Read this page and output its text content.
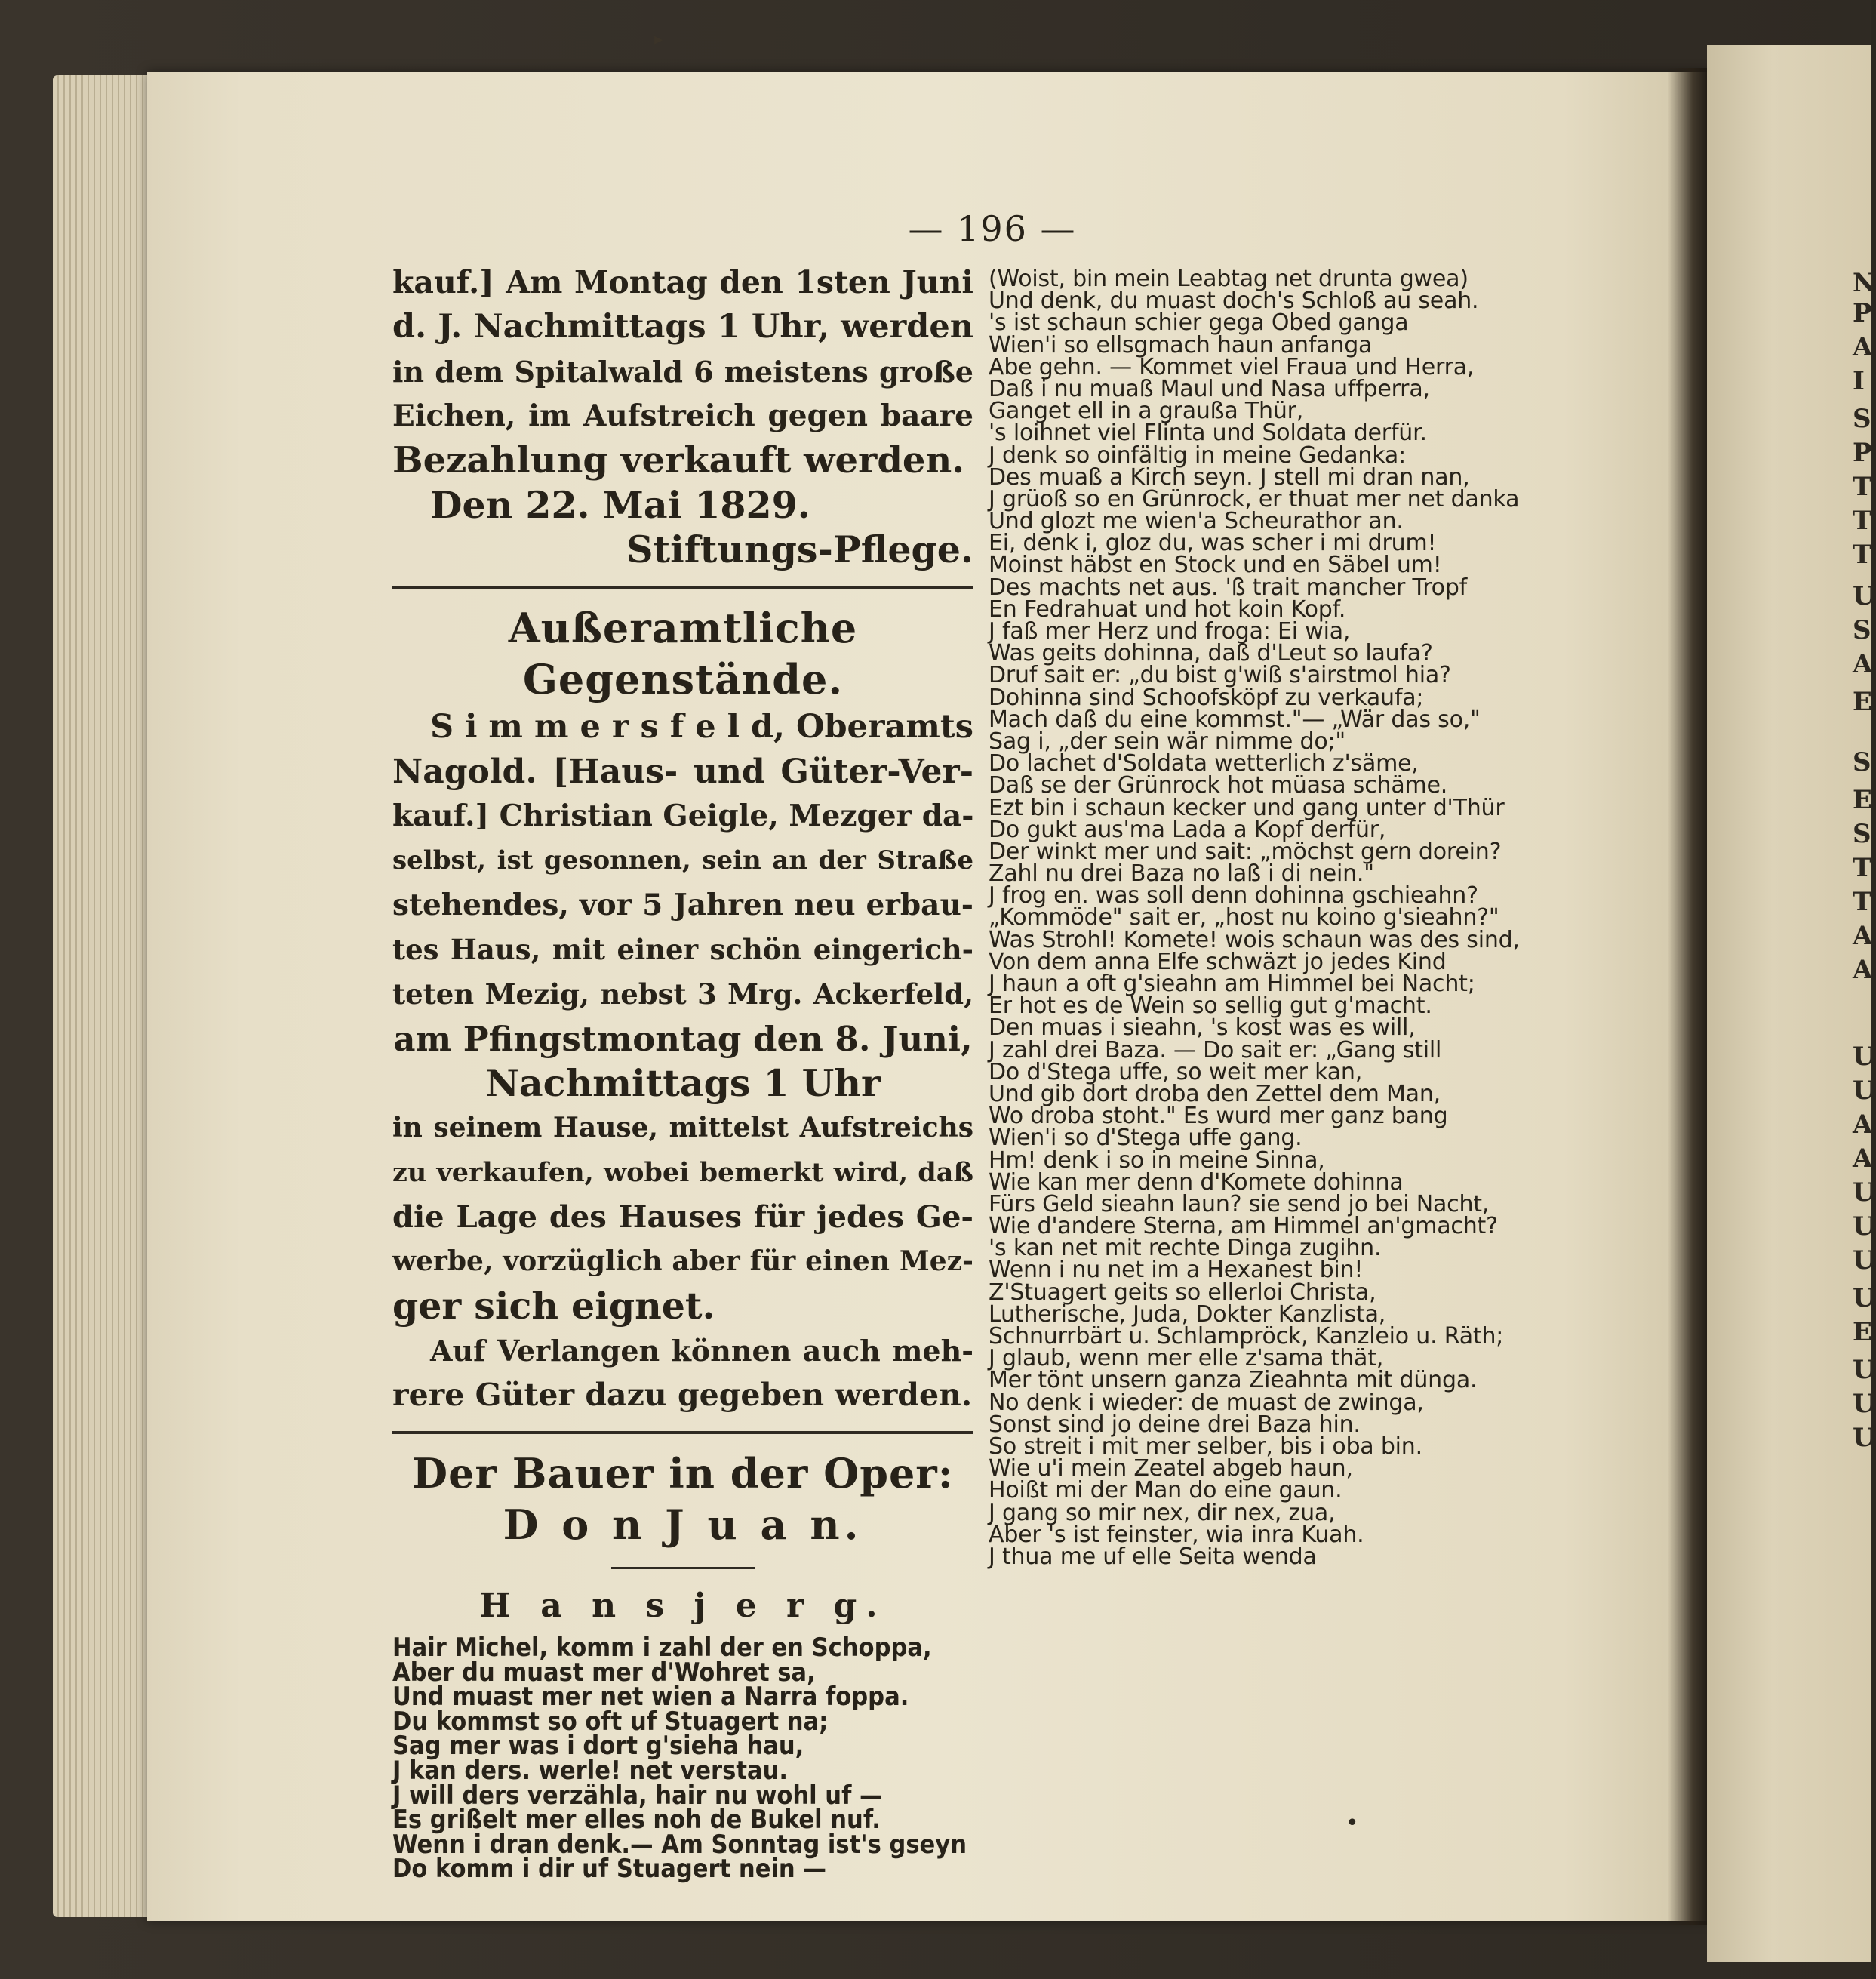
N
P
A
I
S
P
T
T
T
U
S
A
E
S
E
S
T
T
A
A
U
U
A
A
U
U
U
U
E
U
U
U
▸
— 196 —
kauf.] Am Montag den 1sten Juni
d. J. Nachmittags 1 Uhr, werden
in dem Spitalwald 6 meistens große
Eichen, im Aufstreich gegen baare
Bezahlung verkauft werden.
Den 22. Mai 1829.
Stiftungs-Pflege.
Außeramtliche Gegenstände.
S i m m e r s f e l d, Oberamts
Nagold. [Haus- und Güter-Ver-
kauf.] Christian Geigle, Mezger da-
selbst, ist gesonnen, sein an der Straße
stehendes, vor 5 Jahren neu erbau-
tes Haus, mit einer schön eingerich-
teten Mezig, nebst 3 Mrg. Ackerfeld,
am Pfingstmontag den 8. Juni,
Nachmittags 1 Uhr
in seinem Hause, mittelst Aufstreichs
zu verkaufen, wobei bemerkt wird, daß
die Lage des Hauses für jedes Ge-
werbe, vorzüglich aber für einen Mez-
ger sich eignet.
Auf Verlangen können auch meh-
rere Güter dazu gegeben werden.
Der Bauer in der Oper:
D o n J u a n.
H a n s j e r g.
Hair Michel, komm i zahl der en Schoppa,
Aber du muast mer d'Wohret sa,
Und muast mer net wien a Narra foppa.
Du kommst so oft uf Stuagert na;
Sag mer was i dort g'sieha hau,
J kan ders. werle! net verstau.
J will ders verzähla, hair nu wohl uf —
Es grißelt mer elles noh de Bukel nuf.
Wenn i dran denk.— Am Sonntag ist's gseyn
Do komm i dir uf Stuagert nein —
(Woist, bin mein Leabtag net drunta gwea)
Und denk, du muast doch's Schloß au seah.
's ist schaun schier gega Obed ganga
Wien'i so ellsgmach haun anfanga
Abe gehn. — Kommet viel Fraua und Herra,
Daß i nu muaß Maul und Nasa uffperra,
Ganget ell in a graußa Thür,
's loihnet viel Flinta und Soldata derfür.
J denk so oinfältig in meine Gedanka:
Des muaß a Kirch seyn. J stell mi dran nan,
J grüoß so en Grünrock, er thuat mer net danka
Und glozt me wien'a Scheurathor an.
Ei, denk i, gloz du, was scher i mi drum!
Moinst häbst en Stock und en Säbel um!
Des machts net aus. 'ß trait mancher Tropf
En Fedrahuat und hot koin Kopf.
J faß mer Herz und froga: Ei wia,
Was geits dohinna, daß d'Leut so laufa?
Druf sait er: „du bist g'wiß s'airstmol hia?
Dohinna sind Schoofsköpf zu verkaufa;
Mach daß du eine kommst."— „Wär das so,"
Sag i, „der sein wär nimme do;"
Do lachet d'Soldata wetterlich z'säme,
Daß se der Grünrock hot müasa schäme.
Ezt bin i schaun kecker und gang unter d'Thür
Do gukt aus'ma Lada a Kopf derfür,
Der winkt mer und sait: „möchst gern dorein?
Zahl nu drei Baza no laß i di nein."
J frog en. was soll denn dohinna gschieahn?
„Kommöde" sait er, „host nu koino g'sieahn?"
Was Strohl! Komete! wois schaun was des sind,
Von dem anna Elfe schwäzt jo jedes Kind
J haun a oft g'sieahn am Himmel bei Nacht;
Er hot es de Wein so sellig gut g'macht.
Den muas i sieahn, 's kost was es will,
J zahl drei Baza. — Do sait er: „Gang still
Do d'Stega uffe, so weit mer kan,
Und gib dort droba den Zettel dem Man,
Wo droba stoht." Es wurd mer ganz bang
Wien'i so d'Stega uffe gang.
Hm! denk i so in meine Sinna,
Wie kan mer denn d'Komete dohinna
Fürs Geld sieahn laun? sie send jo bei Nacht,
Wie d'andere Sterna, am Himmel an'gmacht?
's kan net mit rechte Dinga zugihn.
Wenn i nu net im a Hexanest bin!
Z'Stuagert geits so ellerloi Christa,
Lutherische, Juda, Dokter Kanzlista,
Schnurrbärt u. Schlampröck, Kanzleio u. Räth;
J glaub, wenn mer elle z'sama thät,
Mer tönt unsern ganza Zieahnta mit dünga.
No denk i wieder: de muast de zwinga,
Sonst sind jo deine drei Baza hin.
So streit i mit mer selber, bis i oba bin.
Wie u'i mein Zeatel abgeb haun,
Hoißt mi der Man do eine gaun.
J gang so mir nex, dir nex, zua,
Aber 's ist feinster, wia inra Kuah.
J thua me uf elle Seita wenda
•
